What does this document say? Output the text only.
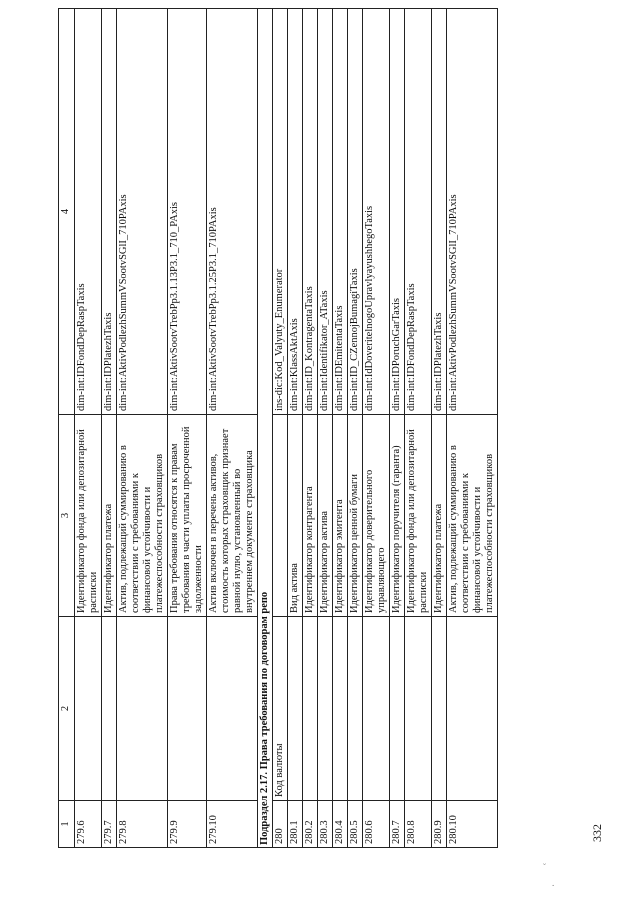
1	2	3	4
279.6		Идентификатор фонда или депозитарной расписки	dim-int:IDFondDepRaspTaxis
279.7		Идентификатор платежа	dim-int:IDPlatezhTaxis
279.8		Актив, подлежащий суммированию в соответствии с требованиями к финансовой устойчивости и платежеспособности страховщиков	dim-int:AktivPodlezhSummVSootvSGlI_710PAxis
279.9		Права требования относятся к правам требования в части уплаты просроченной задолженности	dim-int:AktivSootvTrebPp3.1.13P3.1_710_PAxis
279.10		Актив включен в перечень активов, стоимость которых страховщик признает равной нулю, установленный во внутреннем документе страховщика	dim-int:AktivSootvTrebPp3.1.25P3.1_710PAxis
Подраздел 2.17. Права требования по договорам репо			
280	Код валюты		ins-dic:Kod_Valyuty_Enumerator
280.1		Вид актива	dim-int:KlassAktAxis
280.2		Идентификатор контрагента	dim-int:ID_KontragentaTaxis
280.3		Идентификатор актива	dim-int:Identifikator_ATaxis
280.4		Идентификатор эмитента	dim-int:IDEmitentaTaxis
280.5		Идентификатор ценной бумаги	dim-int:ID_CZennojBumagiTaxis
280.6		Идентификатор доверительного управляющего	dim-int:IdDoveritelnogoUpravlyayushhegoTaxis
280.7		Идентификатор поручителя (гаранта)	dim-int:IDPoruchGarTaxis
280.8		Идентификатор фонда или депозитарной расписки	dim-int:IDFondDepRaspTaxis
280.9		Идентификатор платежа	dim-int:IDPlatezhTaxis
280.10		Актив, подлежащий суммированию в соответствии с требованиями к финансовой устойчивости и платежеспособности страховщиков	dim-int:AktivPodlezhSummVSootvSGlI_710PAxis
332
˘
.
